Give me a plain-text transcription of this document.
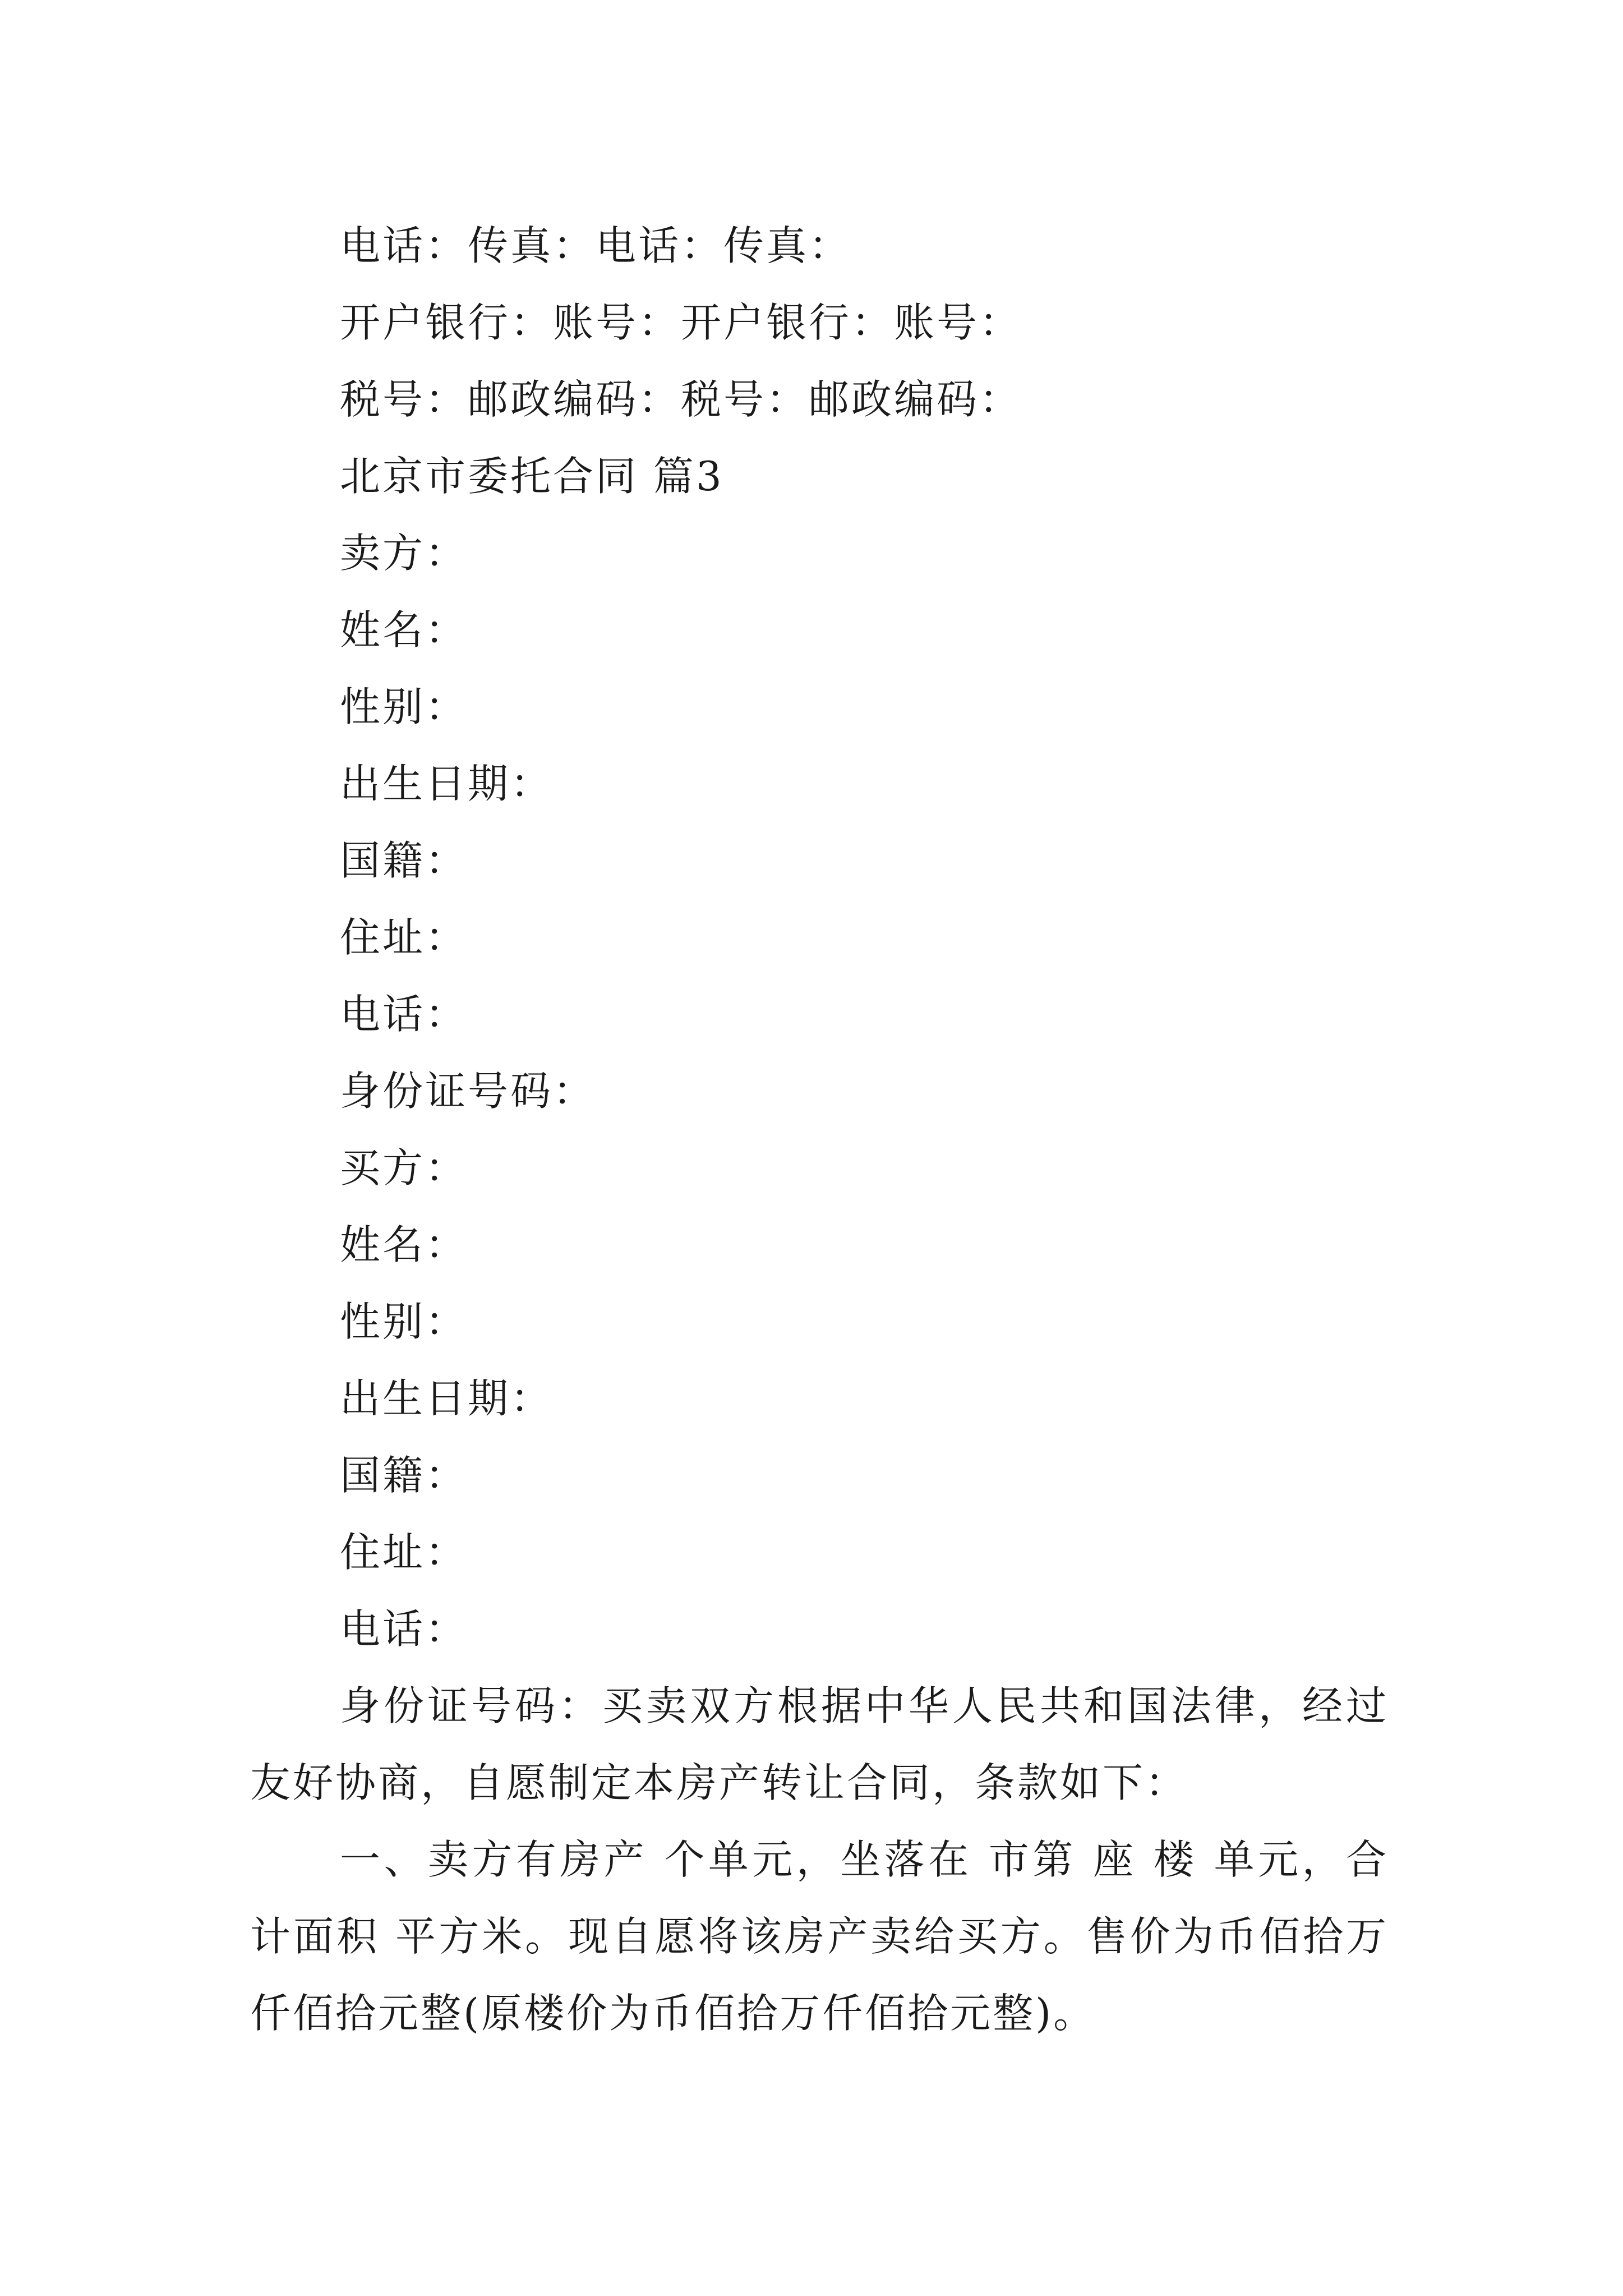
电话：传真：电话：传真：

开户银行：账号：开户银行：账号：

税号：邮政编码：税号：邮政编码：

北京市委托合同 篇3

卖方：

姓名：

性别：

出生日期：

国籍：

住址：

电话：

身份证号码：

买方：

姓名：

性别：

出生日期：

国籍：

住址：

电话：

身份证号码：买卖双方根据中华人民共和国法律，经过友好协商，自愿制定本房产转让合同，条款如下：

一、卖方有房产 个单元，坐落在 市第 座 楼 单元，合计面积 平方米。现自愿将该房产卖给买方。售价为币佰拾万仟佰拾元整(原楼价为币佰拾万仟佰拾元整)。
